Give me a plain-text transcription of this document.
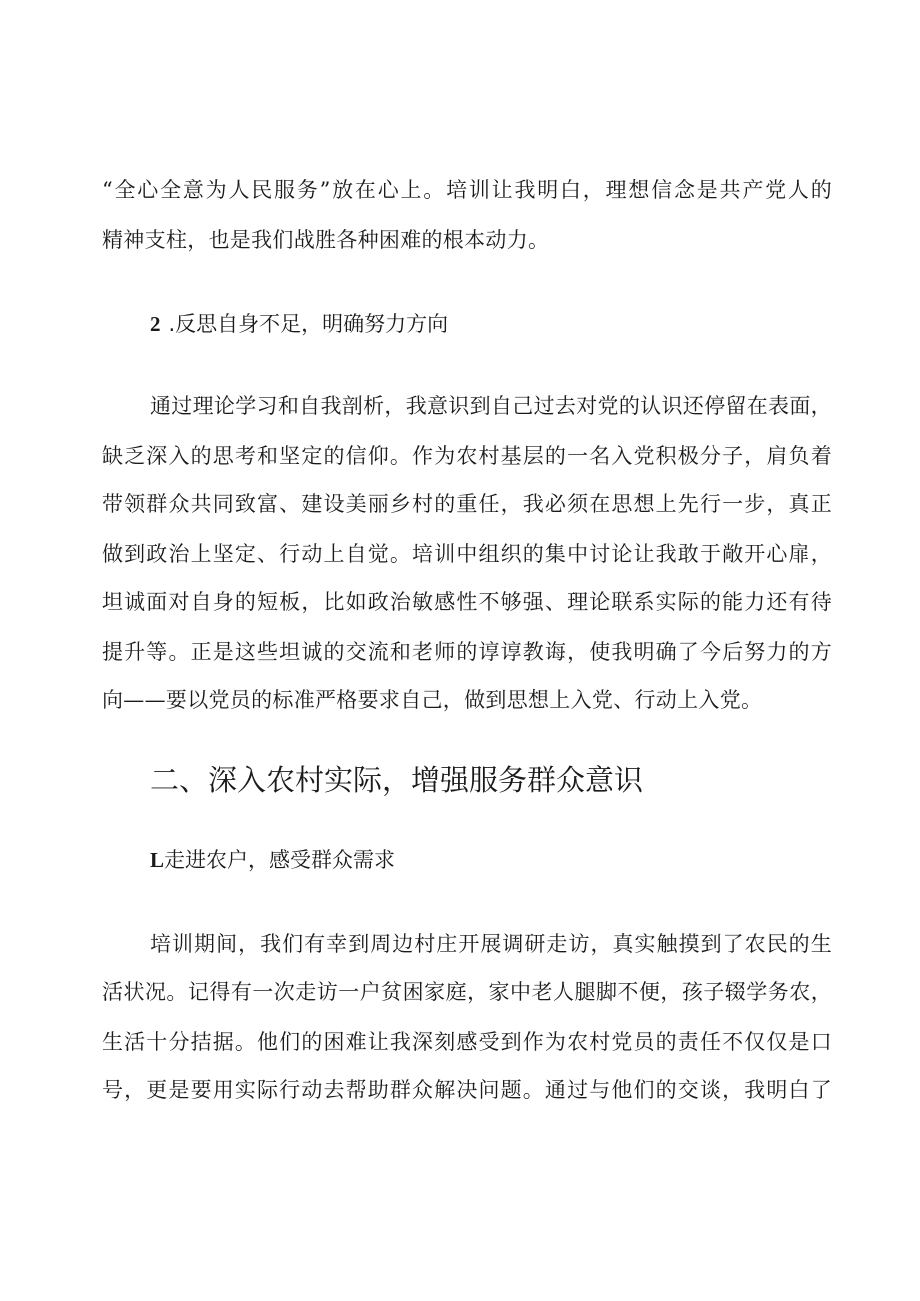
“全心全意为人民服务”放在心上。培训让我明白，理想信念是共产党人的
精神支柱，也是我们战胜各种困难的根本动力。
2 .反思自身不足，明确努力方向
通过理论学习和自我剖析，我意识到自己过去对党的认识还停留在表面，
缺乏深入的思考和坚定的信仰。作为农村基层的一名入党积极分子，肩负着
带领群众共同致富、建设美丽乡村的重任，我必须在思想上先行一步，真正
做到政治上坚定、行动上自觉。培训中组织的集中讨论让我敢于敞开心扉，
坦诚面对自身的短板，比如政治敏感性不够强、理论联系实际的能力还有待
提升等。正是这些坦诚的交流和老师的谆谆教诲，使我明确了今后努力的方
向——要以党员的标准严格要求自己，做到思想上入党、行动上入党。
二、深入农村实际，增强服务群众意识
L走进农户，感受群众需求
培训期间，我们有幸到周边村庄开展调研走访，真实触摸到了农民的生
活状况。记得有一次走访一户贫困家庭，家中老人腿脚不便，孩子辍学务农，
生活十分拮据。他们的困难让我深刻感受到作为农村党员的责任不仅仅是口
号，更是要用实际行动去帮助群众解决问题。通过与他们的交谈，我明白了
